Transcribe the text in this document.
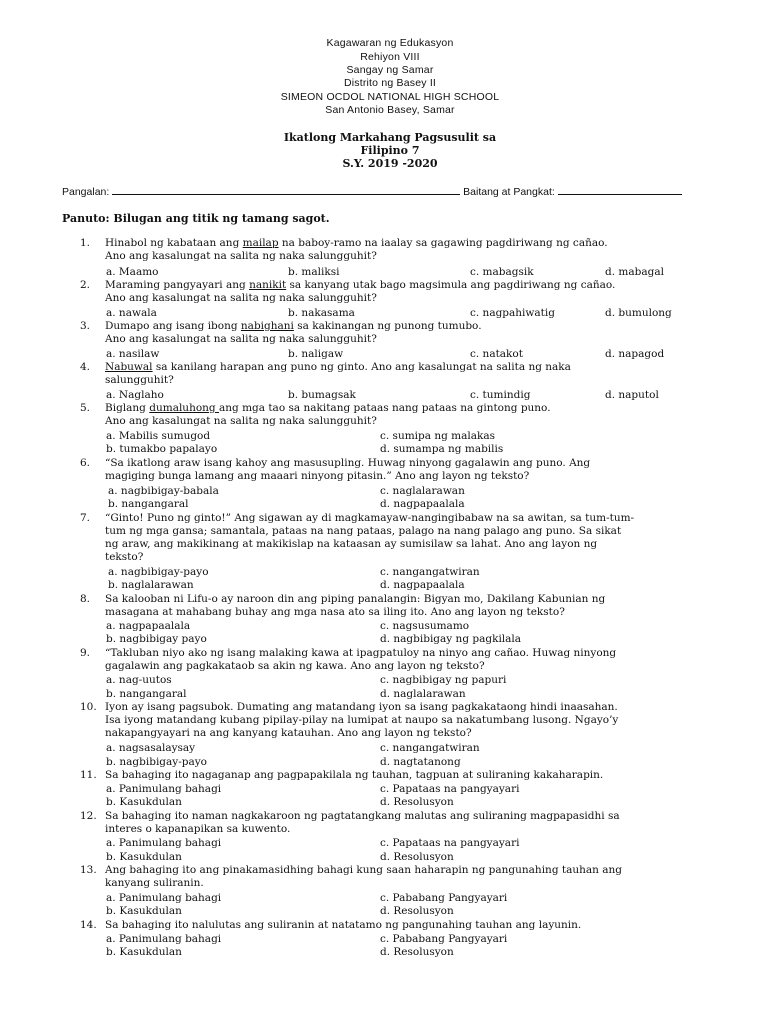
Kagawaran ng Edukasyon
Rehiyon VIII
Sangay ng Samar
Distrito ng Basey II
SIMEON OCDOL NATIONAL HIGH SCHOOL
San Antonio Basey, Samar
Ikatlong Markahang Pagsusulit sa
Filipino 7
S.Y. 2019 -2020
Pangalan:	Baitang at Pangkat:
Panuto: Bilugan ang titik ng tamang sagot.
1.	Hinabol ng kabataan ang mailap na baboy-ramo na iaalay sa gagawing pagdiriwang ng cañao.
Ano ang kasalungat na salita ng naka salungguhit?
a. Maamo	b. maliksi	c. mabagsik	d. mabagal
2.	Maraming pangyayari ang nanikit sa kanyang utak bago magsimula ang pagdiriwang ng cañao.
Ano ang kasalungat na salita ng naka salungguhit?
a. nawala	b. nakasama	c. nagpahiwatig	d. bumulong
3.	Dumapo ang isang ibong nabighani sa kakinangan ng punong tumubo.
Ano ang kasalungat na salita ng naka salungguhit?
a. nasilaw	b. naligaw	c. natakot	d. napagod
4.	Nabuwal sa kanilang harapan ang puno ng ginto. Ano ang kasalungat na salita ng naka
salungguhit?
a. Naglaho	b. bumagsak	c. tumindig	d. naputol
5.	Biglang dumaluhong ang mga tao sa nakitang pataas nang pataas na gintong puno.
Ano ang kasalungat na salita ng naka salungguhit?
a. Mabilis sumugod
b. tumakbo papalayo
c. sumipa ng malakas
d. sumampa ng mabilis
6.	“Sa ikatlong araw isang kahoy ang masusupling. Huwag ninyong gagalawin ang puno. Ang
magiging bunga lamang ang maaari ninyong pitasin.” Ano ang layon ng teksto?
a. nagbibigay-babala
b. nangangaral
c. naglalarawan
d. nagpapaalala
7.	“Ginto! Puno ng ginto!” Ang sigawan ay di magkamayaw-nangingibabaw na sa awitan, sa tum-tum-
tum ng mga gansa; samantala, pataas na nang pataas, palago na nang palago ang puno. Sa sikat
ng araw, ang makikinang at makikislap na kataasan ay sumisilaw sa lahat. Ano ang layon ng
teksto?
a. nagbibigay-payo
b. naglalarawan
c. nangangatwiran
d. nagpapaalala
8.	Sa kalooban ni Lifu-o ay naroon din ang piping panalangin: Bigyan mo, Dakilang Kabunian ng
masagana at mahabang buhay ang mga nasa ato sa iling ito. Ano ang layon ng teksto?
a. nagpapaalala
b. nagbibigay payo
c. nagsusumamo
d. nagbibigay ng pagkilala
9.	“Takluban niyo ako ng isang malaking kawa at ipagpatuloy na ninyo ang cañao. Huwag ninyong
gagalawin ang pagkakataob sa akin ng kawa. Ano ang layon ng teksto?
a. nag-uutos
b. nangangaral
c. nagbibigay ng papuri
d. naglalarawan
10. Iyon ay isang pagsubok. Dumating ang matandang iyon sa isang pagkakataong hindi inaasahan.
Isa iyong matandang kubang pipilay-pilay na lumipat at naupo sa nakatumbang lusong. Ngayo’y
nakapangyayari na ang kanyang katauhan. Ano ang layon ng teksto?
a. nagsasalaysay
b. nagbibigay-payo
c. nangangatwiran
d. nagtatanong
11. Sa bahaging ito nagaganap ang pagpapakilala ng tauhan, tagpuan at suliraning kakaharapin.
a. Panimulang bahagi
b. Kasukdulan
c. Papataas na pangyayari
d. Resolusyon
12. Sa bahaging ito naman nagkakaroon ng pagtatangkang malutas ang suliraning magpapasidhi sa
interes o kapanapikan sa kuwento.
a. Panimulang bahagi
b. Kasukdulan
c. Papataas na pangyayari
d. Resolusyon
13. Ang bahaging ito ang pinakamasidhing bahagi kung saan haharapin ng pangunahing tauhan ang
kanyang suliranin.
a. Panimulang bahagi
b. Kasukdulan
c. Pababang Pangyayari
d. Resolusyon
14. Sa bahaging ito nalulutas ang suliranin at natatamo ng pangunahing tauhan ang layunin.
a. Panimulang bahagi
b. Kasukdulan
c. Pababang Pangyayari
d. Resolusyon
